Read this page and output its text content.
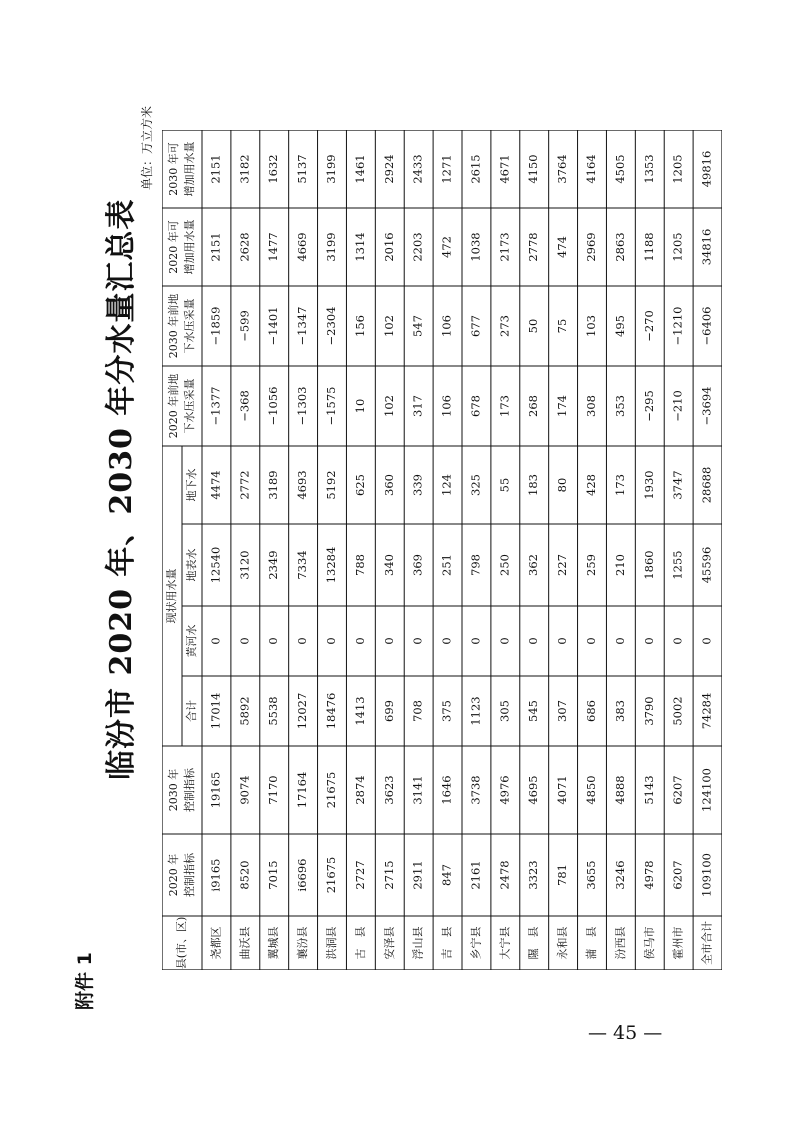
附件 1
临汾市 2020 年、2030 年分水量汇总表
单位：万立方米
— 45 —
2030 年可 增加用水量
2020 年可 增加用水量
2030 年前地 下水压采量
2020 年前地 下水压采量
地下水
地表水
黄河水
合计
2030 年 控制指标
2020 年 控制指标
县(市、区)
现状用水量
2151
2151
−1859
−1377
4474
12540
0
17014
19165
i9165
尧都区
3182
2628
−599
−368
2772
3120
0
5892
9074
8520
曲沃县
1632
1477
−1401
−1056
3189
2349
0
5538
7170
7015
翼城县
5137
4669
−1347
−1303
4693
7334
0
12027
17164
i6696
襄汾县
3199
3199
−2304
−1575
5192
13284
0
18476
21675
21675
洪洞县
1461
1314
156
10
625
788
0
1413
2874
2727
古　县
2924
2016
102
102
360
340
0
699
3623
2715
安泽县
2433
2203
547
317
339
369
0
708
3141
2911
浮山县
1271
472
106
106
124
251
0
375
1646
847
吉　县
2615
1038
677
678
325
798
0
1123
3738
2161
乡宁县
4671
2173
273
173
55
250
0
305
4976
2478
大宁县
4150
2778
50
268
183
362
0
545
4695
3323
隰　县
3764
474
75
174
80
227
0
307
4071
781
永和县
4164
2969
103
308
428
259
0
686
4850
3655
蒲　县
4505
2863
495
353
173
210
0
383
4888
3246
汾西县
1353
1188
−270
−295
1930
1860
0
3790
5143
4978
侯马市
1205
1205
−1210
−210
3747
1255
0
5002
6207
6207
霍州市
49816
34816
−6406
−3694
28688
45596
0
74284
124100
109100
全市合计
